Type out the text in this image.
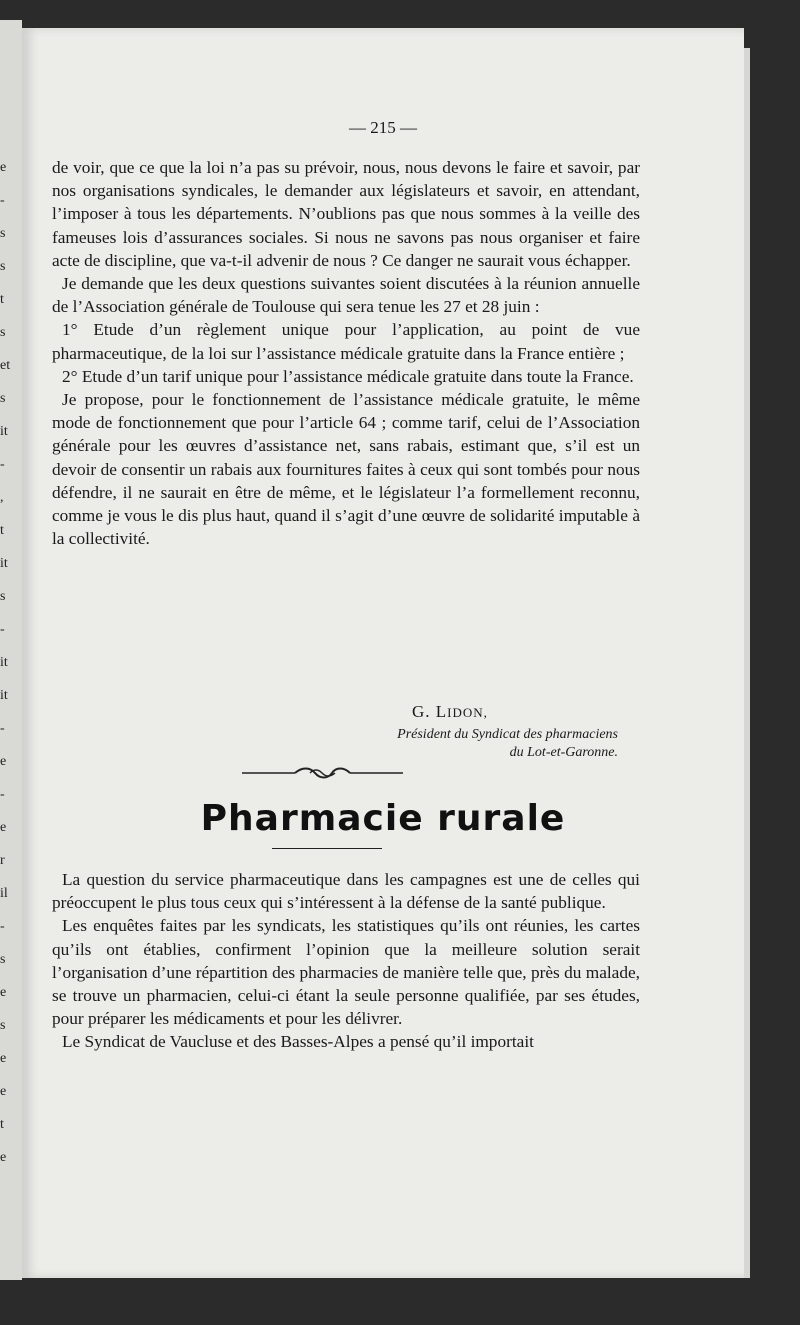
e
-
s
s
t
s
et
s
it
-
,
t
it
s
-
it
it
-
e
-
e
r
il
-
s
e
s
e
e
t
e
— 215 —

de voir, que ce que la loi n’a pas su prévoir, nous, nous devons le faire et savoir, par nos organisations syndicales, le demander aux législateurs et savoir, en attendant, l’imposer à tous les départements. N’oublions pas que nous sommes à la veille des fameuses lois d’assurances sociales. Si nous ne savons pas nous organiser et faire acte de discipline, que va-t-il advenir de nous ? Ce danger ne saurait vous échapper.

Je demande que les deux questions suivantes soient discutées à la réunion annuelle de l’Association générale de Toulouse qui sera tenue les 27 et 28 juin :

1° Etude d’un règlement unique pour l’application, au point de vue pharmaceutique, de la loi sur l’assistance médicale gratuite dans la France entière ;

2° Etude d’un tarif unique pour l’assistance médicale gratuite dans toute la France.

Je propose, pour le fonctionnement de l’assistance médicale gratuite, le même mode de fonctionnement que pour l’article 64 ; comme tarif, celui de l’Association générale pour les œuvres d’assistance net, sans rabais, estimant que, s’il est un devoir de consentir un rabais aux fournitures faites à ceux qui sont tombés pour nous défendre, il ne saurait en être de même, et le législateur l’a formellement reconnu, comme je vous le dis plus haut, quand il s’agit d’une œuvre de solidarité imputable à la collectivité.

G. LIDON,
Président du Syndicat des pharmaciens
du Lot-et-Garonne.
Pharmacie rurale

La question du service pharmaceutique dans les campagnes est une de celles qui préoccupent le plus tous ceux qui s’intéressent à la défense de la santé publique.

Les enquêtes faites par les syndicats, les statistiques qu’ils ont réunies, les cartes qu’ils ont établies, confirment l’opinion que la meilleure solution serait l’organisation d’une répartition des pharmacies de manière telle que, près du malade, se trouve un pharmacien, celui-ci étant la seule personne qualifiée, par ses études, pour préparer les médicaments et pour les délivrer.

Le Syndicat de Vaucluse et des Basses-Alpes a pensé qu’il importait
